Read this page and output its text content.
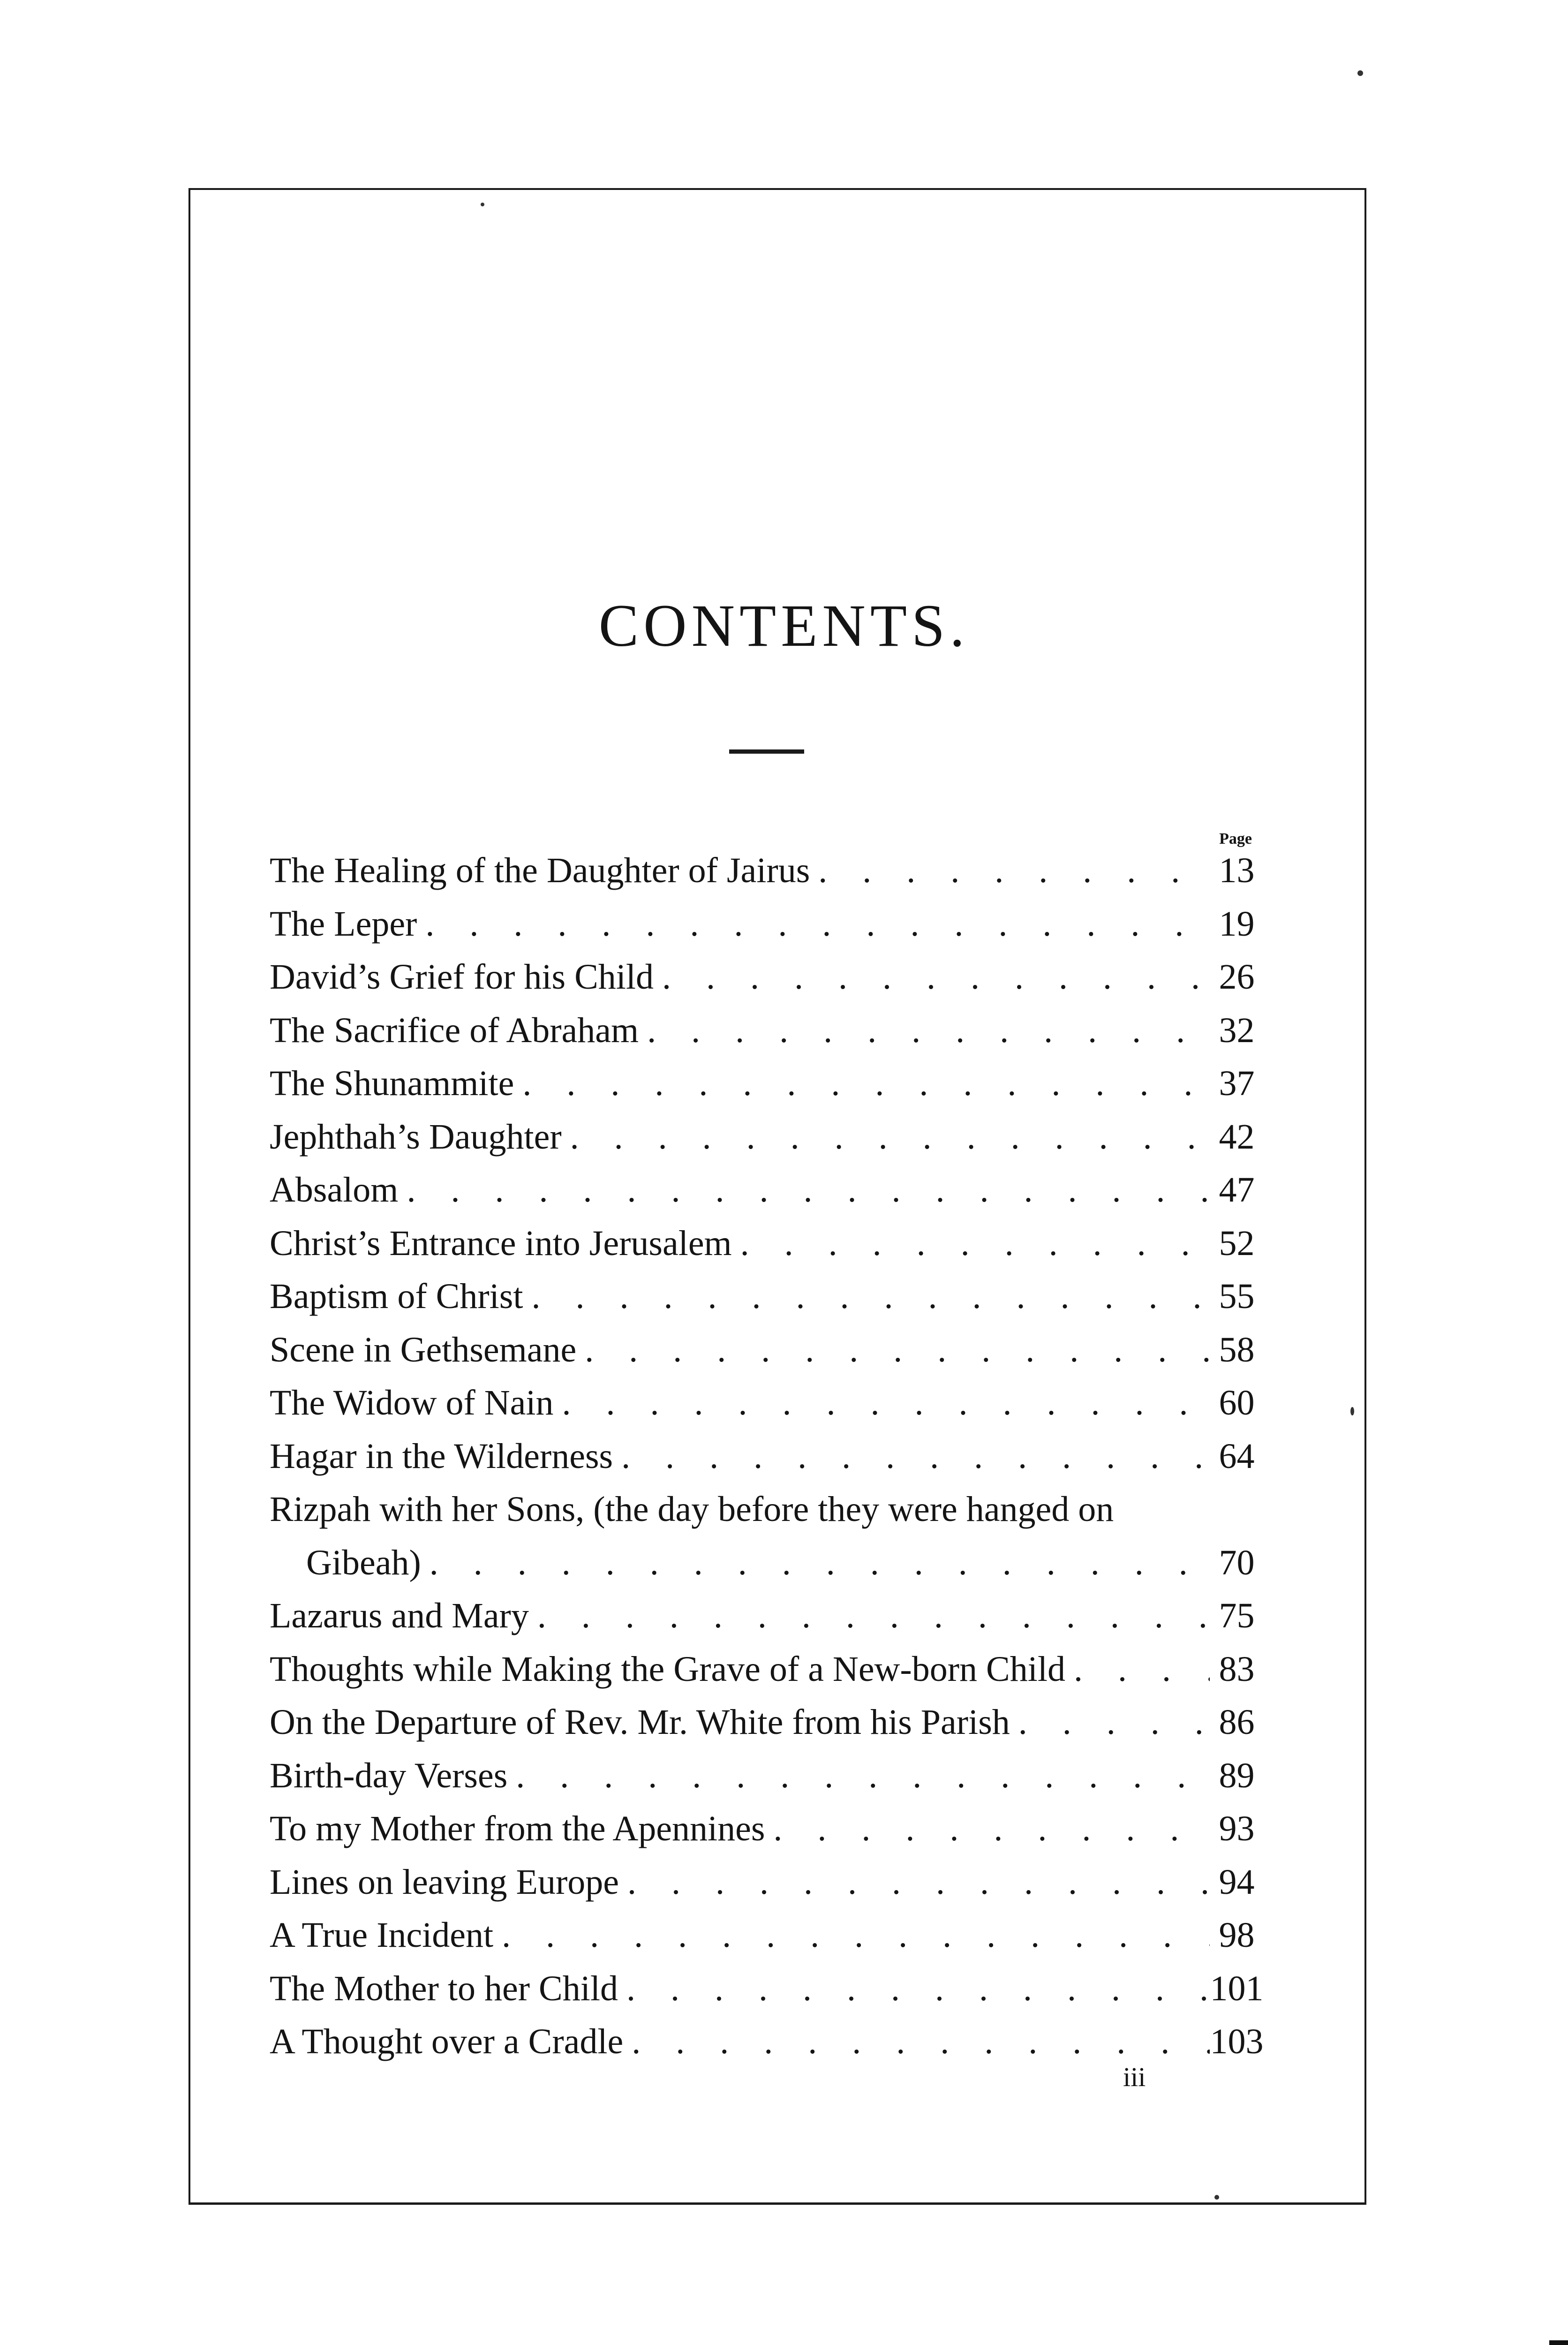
CONTENTS.
Page
The Healing of the Daughter of Jairus . . .	13
The Leper . . .	19
David’s Grief for his Child . . .	26
The Sacrifice of Abraham . . .	32
The Shunammite . . .	37
Jephthah’s Daughter . . .	42
Absalom . . .	47
Christ’s Entrance into Jerusalem . . .	52
Baptism of Christ . . .	55
Scene in Gethsemane . . .	58
The Widow of Nain . . .	60
Hagar in the Wilderness . . .	64
Rizpah with her Sons, (the day before they were hanged on
Gibeah) . . .	70
Lazarus and Mary . . .	75
Thoughts while Making the Grave of a New-born Child . . .	83
On the Departure of Rev. Mr. White from his Parish . . .	86
Birth-day Verses . . .	89
To my Mother from the Apennines . . .	93
Lines on leaving Europe . . .	94
A True Incident . . .	98
The Mother to her Child . . .	101
A Thought over a Cradle . . .	103
iii
